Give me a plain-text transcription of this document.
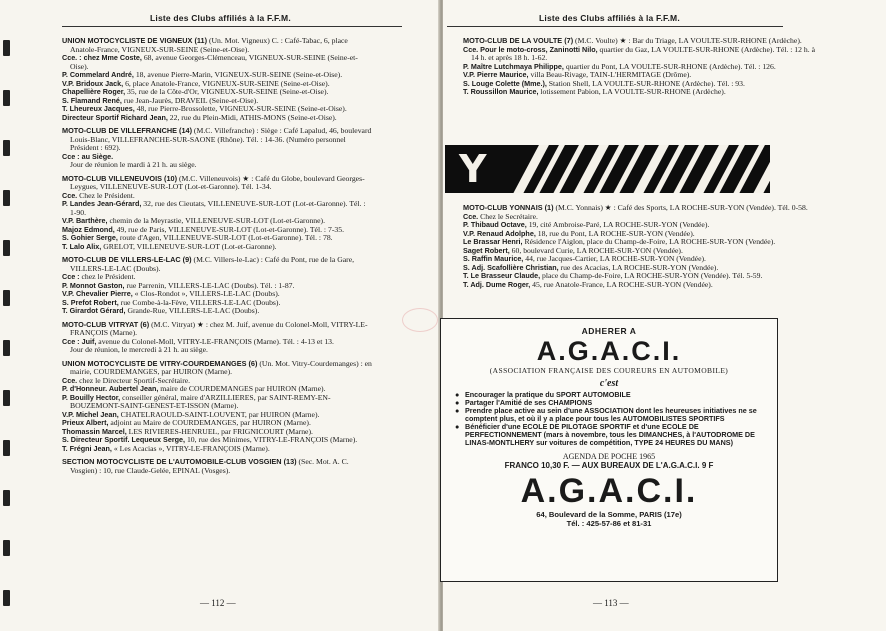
Liste des Clubs affiliés à la F.F.M.
UNION MOTOCYCLISTE DE VIGNEUX (11) (Un. Mot. Vigneux) C. : Café-Tabac, 6, place Anatole-France, VIGNEUX-SUR-SEINE (Seine-et-Oise).
Cce. : chez Mme Coste, 68, avenue Georges-Clémenceau, VIGNEUX-SUR-SEINE (Seine-et-Oise).
P. Commelard André, 18, avenue Pierre-Marin, VIGNEUX-SUR-SEINE (Seine-et-Oise).
V.P. Bridoux Jack, 6, place Anatole-France, VIGNEUX-SUR-SEINE (Seine-et-Oise).
Chapellière Roger, 35, rue de la Côte-d'Or, VIGNEUX-SUR-SEINE (Seine-et-Oise).
S. Flamand René, rue Jean-Jaurès, DRAVEIL (Seine-et-Oise).
T. Lheureux Jacques, 48, rue Pierre-Brossolette, VIGNEUX-SUR-SEINE (Seine-et-Oise).
Directeur Sportif Richard Jean, 22, rue du Plein-Midi, ATHIS-MONS (Seine-et-Oise).
MOTO-CLUB DE VILLEFRANCHE (14) (M.C. Villefranche) : Siège : Café Lapalud, 46, boulevard Louis-Blanc, VILLEFRANCHE-SUR-SAONE (Rhône). Tél. : 14-36. (Numéro personnel Président : 692).
Cce : au Siège.
Jour de réunion le mardi à 21 h. au siège.
MOTO-CLUB VILLENEUVOIS (10) (M.C. Villeneuvois) ★ : Café du Globe, boulevard Georges-Leygues, VILLENEUVE-SUR-LOT (Lot-et-Garonne). Tél. 1-34.
Cce. Chez le Président.
P. Landes Jean-Gérard, 32, rue des Cieutats, VILLENEUVE-SUR-LOT (Lot-et-Garonne). Tél. : 1-90.
V.P. Barthère, chemin de la Meyrastie, VILLENEUVE-SUR-LOT (Lot-et-Garonne).
Majoz Edmond, 49, rue de Paris, VILLENEUVE-SUR-LOT (Lot-et-Garonne). Tél. : 7-35.
S. Gohier Serge, route d'Agen, VILLENEUVE-SUR-LOT (Lot-et-Garonne). Tél. : 78.
T. Lalo Alix, GRELOT, VILLENEUVE-SUR-LOT (Lot-et-Garonne).
MOTO-CLUB DE VILLERS-LE-LAC (9) (M.C. Villers-le-Lac) : Café du Pont, rue de la Gare, VILLERS-LE-LAC (Doubs).
Cce : chez le Président.
P. Monnot Gaston, rue Parrenin, VILLERS-LE-LAC (Doubs). Tél. : 1-87.
V.P. Chevalier Pierre, « Clos-Rondot », VILLERS-LE-LAC (Doubs).
S. Prefot Robert, rue Combe-à-la-Fève, VILLERS-LE-LAC (Doubs).
T. Girardot Gérard, Grande-Rue, VILLERS-LE-LAC (Doubs).
MOTO-CLUB VITRYAT (6) (M.C. Vitryat) ★ : chez M. Juif, avenue du Colonel-Moll, VITRY-LE-FRANÇOIS (Marne).
Cce : Juif, avenue du Colonel-Moll, VITRY-LE-FRANÇOIS (Marne). Tél. : 4-13 et 13.
Jour de réunion, le mercredi à 21 h. au siège.
UNION MOTOCYCLISTE DE VITRY-COURDEMANGES (6) (Un. Mot. Vitry-Courdemanges) : en mairie, COURDEMANGES, par HUIRON (Marne).
Cce. chez le Directeur Sportif-Secrétaire.
P. d'Honneur. Aubertel Jean, maire de COURDEMANGES par HUIRON (Marne).
P. Bouilly Hector, conseiller général, maire d'ARZILLIERES, par SAINT-REMY-EN-BOUZEMONT-SAINT-GENEST-ET-ISSON (Marne).
V.P. Michel Jean, CHATELRAOULD-SAINT-LOUVENT, par HUIRON (Marne).
Prieux Albert, adjoint au Maire de COURDEMANGES, par HUIRON (Marne).
Thomassin Marcel, LES RIVIERES-HENRUEL, par FRIGNICOURT (Marne).
S. Directeur Sportif. Lequeux Serge, 10, rue des Minimes, VITRY-LE-FRANÇOIS (Marne).
T. Frégni Jean, « Les Acacias », VITRY-LE-FRANÇOIS (Marne).
SECTION MOTOCYCLISTE DE L'AUTOMOBILE-CLUB VOSGIEN (13) (Sec. Mot. A. C. Vosgien) : 10, rue Claude-Gelée, EPINAL (Vosges).
— 112 —
Liste des Clubs affiliés à la F.F.M.
MOTO-CLUB DE LA VOULTE (7) (M.C. Voulte) ★ : Bar du Triage, LA VOULTE-SUR-RHONE (Ardèche).
Cce. Pour le moto-cross, Zaninotti Nilo, quartier du Gaz, LA VOULTE-SUR-RHONE (Ardèche). Tél. : 12 h. à 14 h. et après 18 h. 1-62.
P. Maître Lutchmaya Philippe, quartier du Pont, LA VOULTE-SUR-RHONE (Ardèche). Tél. : 126.
V.P. Pierre Maurice, villa Beau-Rivage, TAIN-L'HERMITAGE (Drôme).
S. Louge Colette (Mme.), Station Shell, LA VOULTE-SUR-RHONE (Ardèche). Tél. : 93.
T. Roussillon Maurice, lotissement Pabion, LA VOULTE-SUR-RHONE (Ardèche).
MOTO-CLUB YONNAIS (1) (M.C. Yonnais) ★ : Café des Sports, LA ROCHE-SUR-YON (Vendée). Tél. 0-58.
Cce. Chez le Secrétaire.
P. Thibaud Octave, 19, cité Ambroise-Paré, LA ROCHE-SUR-YON (Vendée).
V.P. Renaud Adolphe, 18, rue du Pont, LA ROCHE-SUR-YON (Vendée).
Le Brassar Henri, Résidence l'Aiglon, place du Champ-de-Foire, LA ROCHE-SUR-YON (Vendée).
Saget Robert, 60, boulevard Curie, LA ROCHE-SUR-YON (Vendée).
S. Raffin Maurice, 44, rue Jacques-Cartier, LA ROCHE-SUR-YON (Vendée).
S. Adj. Scafollière Christian, rue des Acacias, LA ROCHE-SUR-YON (Vendée).
T. Le Brasseur Claude, place du Champ-de-Foire, LA ROCHE-SUR-YON (Vendée). Tél. 5-59.
T. Adj. Dume Roger, 45, rue Anatole-France, LA ROCHE-SUR-YON (Vendée).
— 113 —
Y
ADHERER A
A.G.A.C.I.
(ASSOCIATION FRANÇAISE DES COUREURS EN AUTOMOBILE)
c'est
● Encourager la pratique du SPORT AUTOMOBILE
● Partager l'Amitié de ses CHAMPIONS
● Prendre place active au sein d'une ASSOCIATION dont les heureuses initiatives ne se comptent plus, et où il y a place pour tous les AUTOMOBILISTES SPORTIFS
● Bénéficier d'une ECOLE DE PILOTAGE SPORTIF et d'une ECOLE DE PERFECTIONNEMENT (mars à novembre, tous les DIMANCHES, à l'AUTODROME DE LINAS-MONTLHERY sur voitures de compétition, TYPE 24 HEURES DU MANS)
AGENDA DE POCHE 1965
FRANCO 10,30 F. — AUX BUREAUX DE L'A.G.A.C.I. 9 F
A.G.A.C.I.
64, Boulevard de la Somme, PARIS (17e)
Tél. : 425-57-86 et 81-31
